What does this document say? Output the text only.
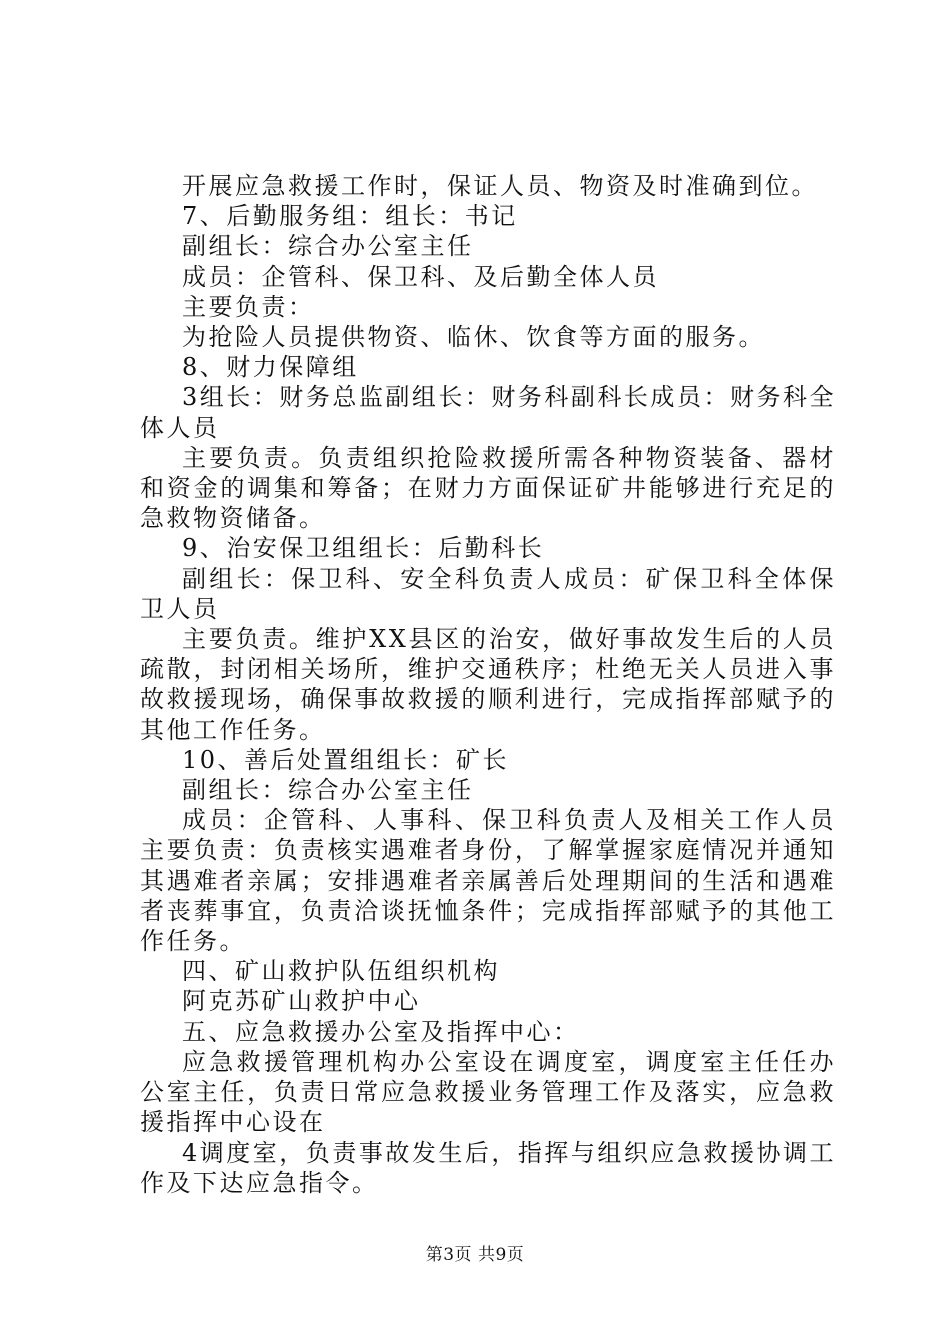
开展应急救援工作时，保证人员、物资及时准确到位。

7、后勤服务组：组长：书记

副组长：综合办公室主任

成员：企管科、保卫科、及后勤全体人员

主要负责：

为抢险人员提供物资、临休、饮食等方面的服务。

8、财力保障组

3组长：财务总监副组长：财务科副科长成员：财务科全体人员

主要负责。负责组织抢险救援所需各种物资装备、器材和资金的调集和筹备；在财力方面保证矿井能够进行充足的急救物资储备。

9、治安保卫组组长：后勤科长

副组长：保卫科、安全科负责人成员：矿保卫科全体保卫人员

主要负责。维护XX县区的治安，做好事故发生后的人员疏散，封闭相关场所，维护交通秩序；杜绝无关人员进入事故救援现场，确保事故救援的顺利进行，完成指挥部赋予的其他工作任务。

10、善后处置组组长：矿长

副组长：综合办公室主任

成员：企管科、人事科、保卫科负责人及相关工作人员主要负责：负责核实遇难者身份，了解掌握家庭情况并通知其遇难者亲属；安排遇难者亲属善后处理期间的生活和遇难者丧葬事宜，负责洽谈抚恤条件；完成指挥部赋予的其他工作任务。

四、矿山救护队伍组织机构

阿克苏矿山救护中心

五、应急救援办公室及指挥中心：

应急救援管理机构办公室设在调度室，调度室主任任办公室主任，负责日常应急救援业务管理工作及落实，应急救援指挥中心设在

4调度室，负责事故发生后，指挥与组织应急救援协调工作及下达应急指令。

第3页 共9页
